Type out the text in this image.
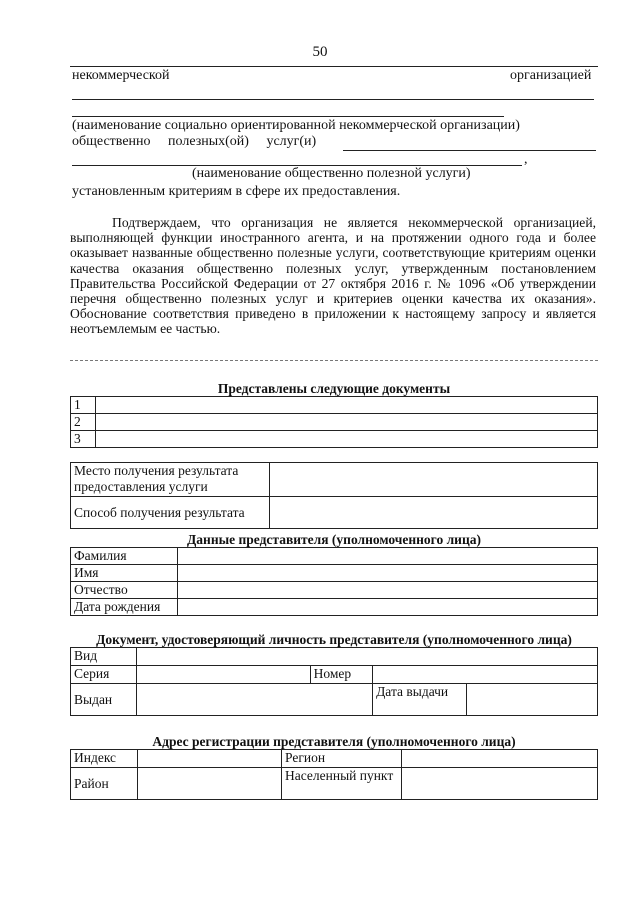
50
некоммерческой	организацией
(наименование социально ориентированной некоммерческой организации)
общественно полезных(ой) услуг(и)
,
(наименование общественно полезной услуги)
установленным критериям в сфере их предоставления.
Подтверждаем, что организация не является некоммерческой организацией, выполняющей функции иностранного агента, и на протяжении одного года и более оказывает названные общественно полезные услуги, соответствующие критериям оценки качества оказания общественно полезных услуг, утвержденным постановлением Правительства Российской Федерации от 27 октября 2016 г. № 1096 «Об утверждении перечня общественно полезных услуг и критериев оценки качества их оказания». Обоснование соответствия приведено в приложении к настоящему запросу и является неотъемлемым ее частью.
Представлены следующие документы
1	
2	
3	
Место получения результата предоставления услуги	
Способ получения результата	
Данные представителя (уполномоченного лица)
Фамилия	
Имя	
Отчество	
Дата рождения	
Документ, удостоверяющий личность представителя (уполномоченного лица)
Вид				
Серия		Номер		
Выдан			Дата выдачи	
Адрес регистрации представителя (уполномоченного лица)
Индекс		Регион	
Район		Населенный пункт	
